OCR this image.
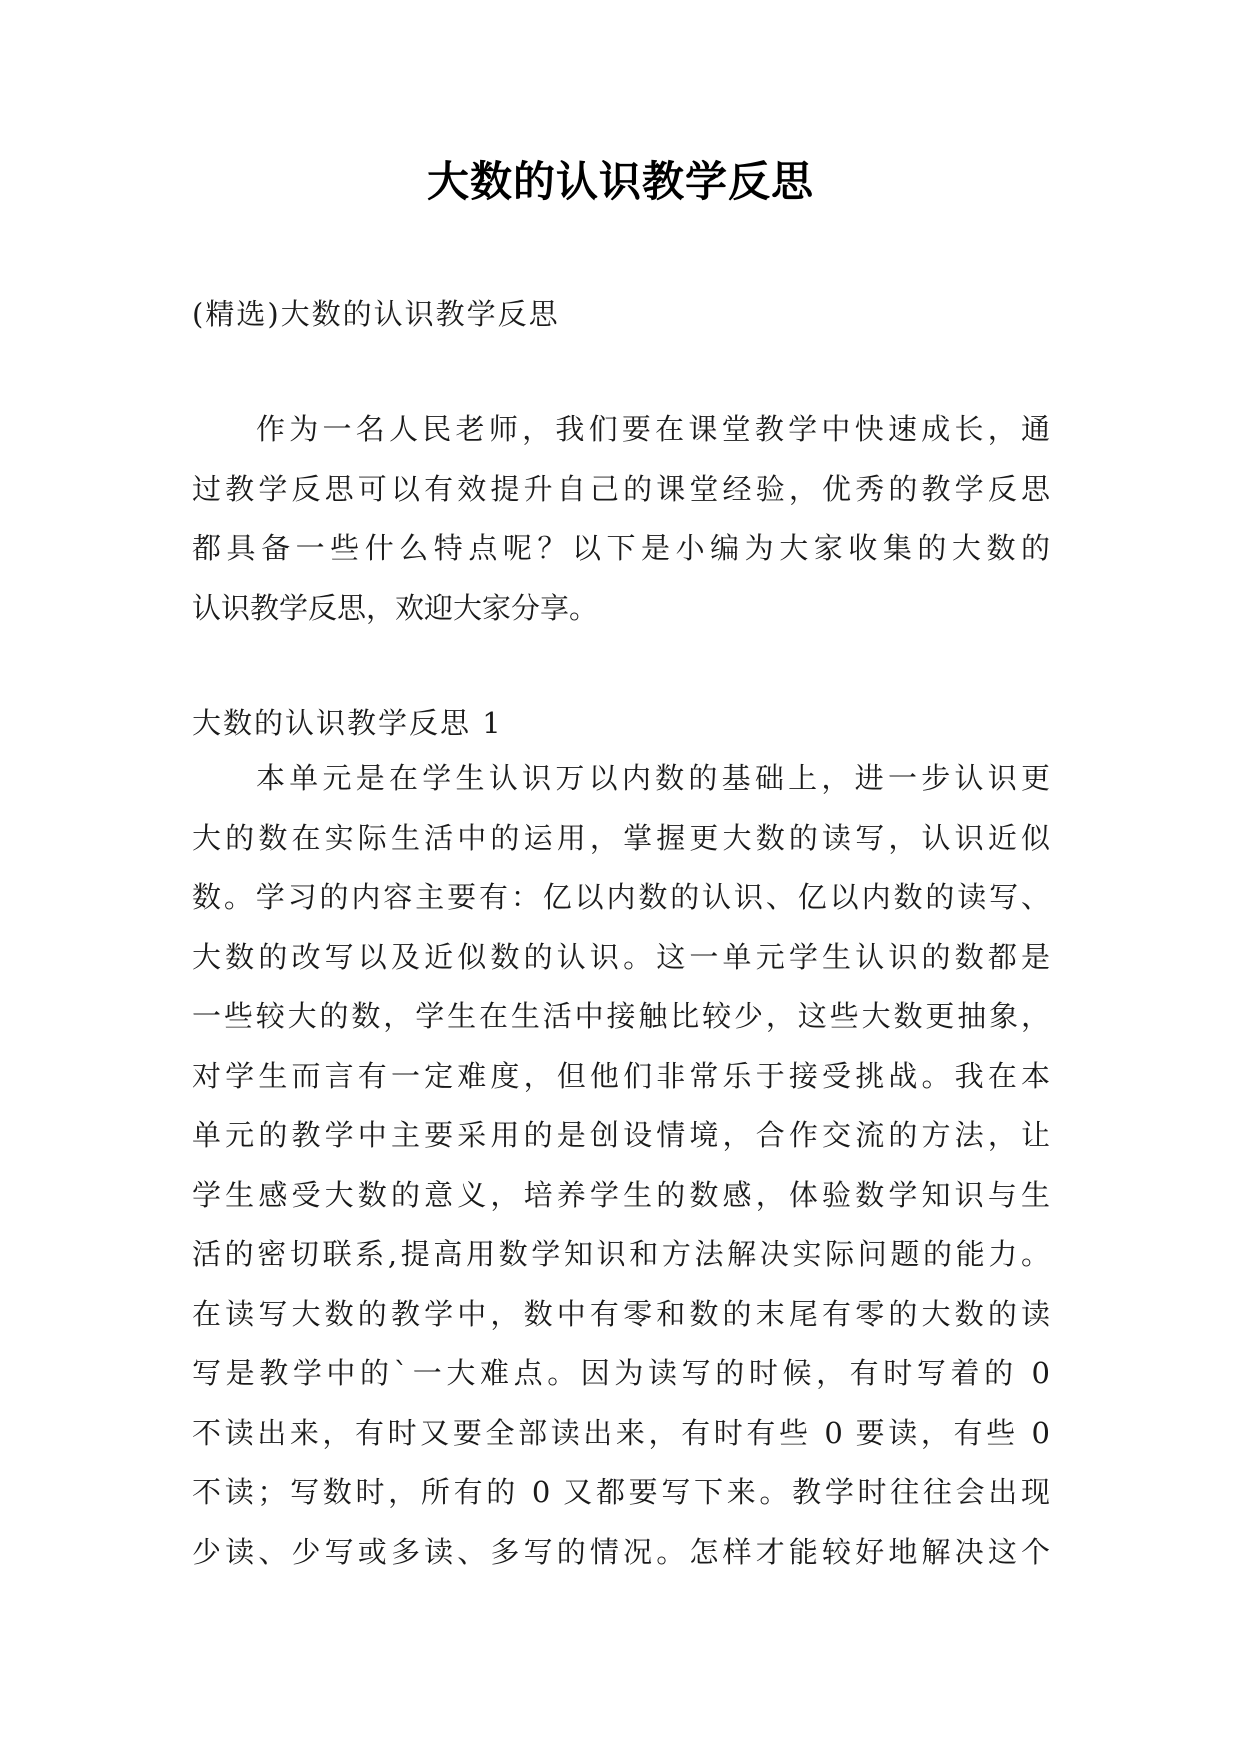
大数的认识教学反思
(精选)大数的认识教学反思
作为一名人民老师，我们要在课堂教学中快速成长，通
过教学反思可以有效提升自己的课堂经验，优秀的教学反思
都具备一些什么特点呢？以下是小编为大家收集的大数的
认识教学反思，欢迎大家分享。
大数的认识教学反思 1
本单元是在学生认识万以内数的基础上，进一步认识更
大的数在实际生活中的运用，掌握更大数的读写，认识近似
数。学习的内容主要有：亿以内数的认识、亿以内数的读写、
大数的改写以及近似数的认识。这一单元学生认识的数都是
一些较大的数，学生在生活中接触比较少，这些大数更抽象，
对学生而言有一定难度，但他们非常乐于接受挑战。我在本
单元的教学中主要采用的是创设情境，合作交流的方法，让
学生感受大数的意义，培养学生的数感，体验数学知识与生
活的密切联系,提高用数学知识和方法解决实际问题的能力。
在读写大数的教学中，数中有零和数的末尾有零的大数的读
写是教学中的`一大难点。因为读写的时候，有时写着的 0
不读出来，有时又要全部读出来，有时有些 0 要读，有些 0
不读；写数时，所有的 0 又都要写下来。教学时往往会出现
少读、少写或多读、多写的情况。怎样才能较好地解决这个
